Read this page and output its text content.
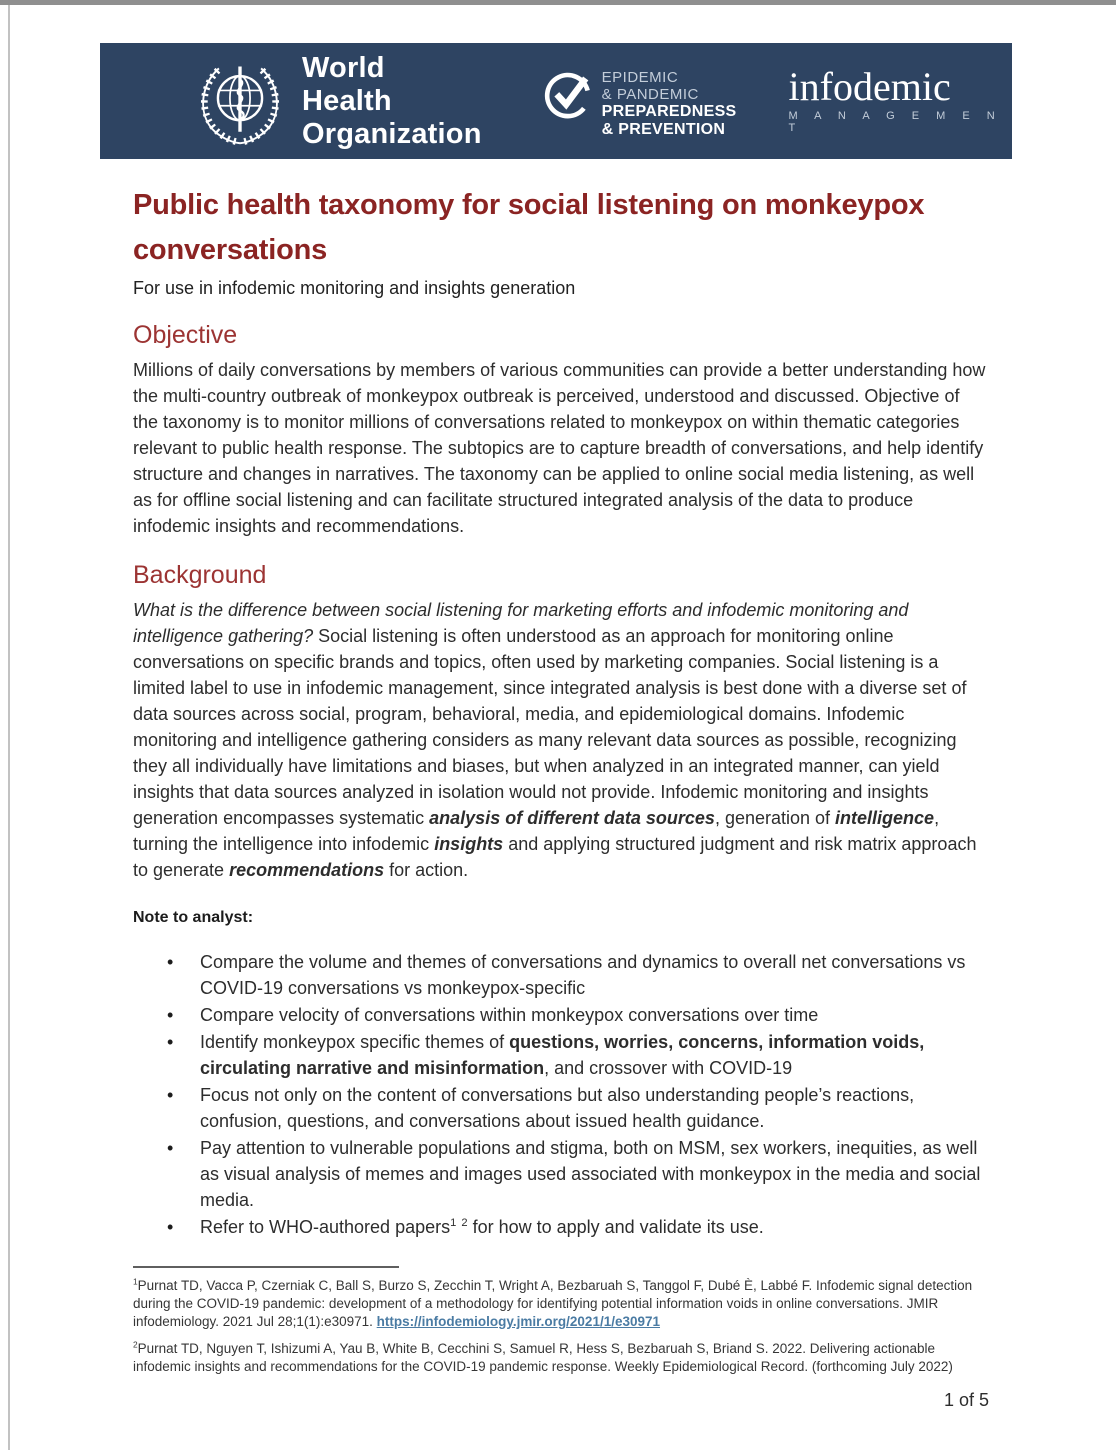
World Health
Organization
EPIDEMIC
& PANDEMIC
PREPAREDNESS
& PREVENTION
infodemic
M A N A G E M E N T
Public health taxonomy for social listening on monkeypox
conversations
For use in infodemic monitoring and insights generation
Objective

Millions of daily conversations by members of various communities can provide a better understanding how the multi-country outbreak of monkeypox outbreak is perceived, understood and discussed. Objective of the taxonomy is to monitor millions of conversations related to monkeypox on within thematic categories relevant to public health response. The subtopics are to capture breadth of conversations, and help identify structure and changes in narratives. The taxonomy can be applied to online social media listening, as well as for offline social listening and can facilitate structured integrated analysis of the data to produce infodemic insights and recommendations.

Background

What is the difference between social listening for marketing efforts and infodemic monitoring and intelligence gathering? Social listening is often understood as an approach for monitoring online conversations on specific brands and topics, often used by marketing companies. Social listening is a limited label to use in infodemic management, since integrated analysis is best done with a diverse set of data sources across social, program, behavioral, media, and epidemiological domains. Infodemic monitoring and intelligence gathering considers as many relevant data sources as possible, recognizing they all individually have limitations and biases, but when analyzed in an integrated manner, can yield insights that data sources analyzed in isolation would not provide. Infodemic monitoring and insights generation encompasses systematic analysis of different data sources, generation of intelligence, turning the intelligence into infodemic insights and applying structured judgment and risk matrix approach to generate recommendations for action.

Note to analyst:
• Compare the volume and themes of conversations and dynamics to overall net conversations vs COVID-19 conversations vs monkeypox-specific
• Compare velocity of conversations within monkeypox conversations over time
• Identify monkeypox specific themes of questions, worries, concerns, information voids, circulating narrative and misinformation, and crossover with COVID-19
• Focus not only on the content of conversations but also understanding people’s reactions, confusion, questions, and conversations about issued health guidance.
• Pay attention to vulnerable populations and stigma, both on MSM, sex workers, inequities, as well as visual analysis of memes and images used associated with monkeypox in the media and social media.
• Refer to WHO-authored papers$^1$ $^2$ for how to apply and validate its use.
$^1$Purnat TD, Vacca P, Czerniak C, Ball S, Burzo S, Zecchin T, Wright A, Bezbaruah S, Tanggol F, Dubé È, Labbé F. Infodemic signal detection during the COVID-19 pandemic: development of a methodology for identifying potential information voids in online conversations. JMIR infodemiology. 2021 Jul 28;1(1):e30971. https://infodemiology.jmir.org/2021/1/e30971
$^2$Purnat TD, Nguyen T, Ishizumi A, Yau B, White B, Cecchini S, Samuel R, Hess S, Bezbaruah S, Briand S. 2022. Delivering actionable infodemic insights and recommendations for the COVID-19 pandemic response. Weekly Epidemiological Record. (forthcoming July 2022)
1 of 5
